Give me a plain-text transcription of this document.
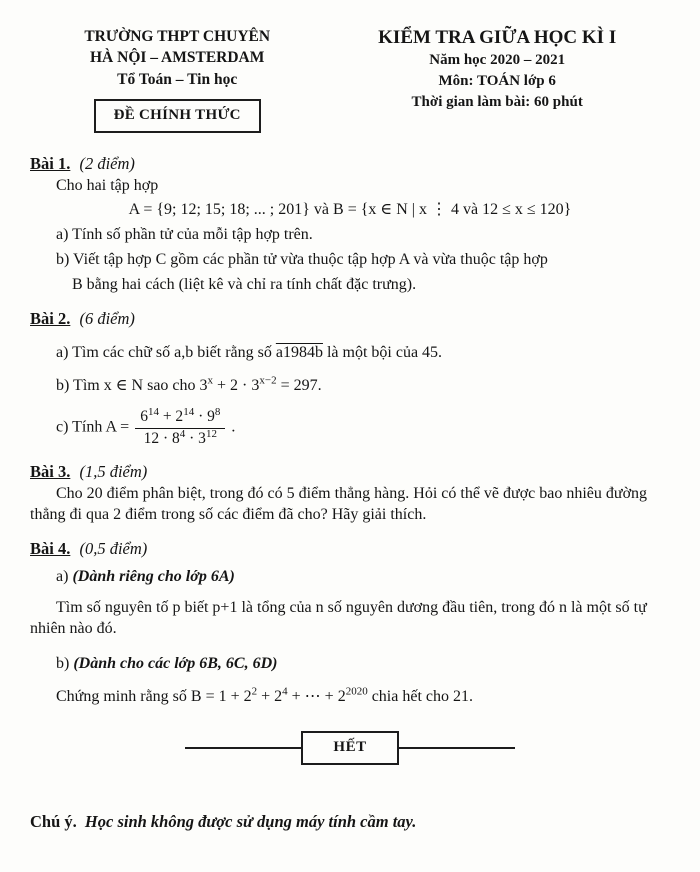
TRƯỜNG THPT CHUYÊN
HÀ NỘI – AMSTERDAM
Tổ Toán – Tin học
ĐỀ CHÍNH THỨC
KIỂM TRA GIỮA HỌC KÌ I
Năm học 2020 – 2021
Môn: TOÁN lớp 6
Thời gian làm bài: 60 phút
Bài 1. (2 điểm)
Cho hai tập hợp
A = {9; 12; 15; 18; ... ; 201} và B = {x ∈ N | x ⋮ 4 và 12 ≤ x ≤ 120}
a) Tính số phần tử của mỗi tập hợp trên.
b) Viết tập hợp C gồm các phần tử vừa thuộc tập hợp A và vừa thuộc tập hợp
B bằng hai cách (liệt kê và chỉ ra tính chất đặc trưng).
Bài 2. (6 điểm)
a) Tìm các chữ số a,b biết rằng số a1984b là một bội của 45.
b) Tìm x ∈ N sao cho $3^x + 2 \cdot 3^{x-2} = 297$.
c) Tính $A = \frac{6^{14} + 2^{14} \cdot 9^8}{12 \cdot 8^4 \cdot 3^{12}}$ .
Bài 3. (1,5 điểm)
Cho 20 điểm phân biệt, trong đó có 5 điểm thẳng hàng. Hỏi có thể vẽ được bao nhiêu đường thẳng đi qua 2 điểm trong số các điểm đã cho? Hãy giải thích.
Bài 4. (0,5 điểm)
a) (Dành riêng cho lớp 6A)
Tìm số nguyên tố p biết p+1 là tổng của n số nguyên dương đầu tiên, trong đó n là một số tự nhiên nào đó.
b) (Dành cho các lớp 6B, 6C, 6D)
Chứng minh rằng số $B = 1 + 2^2 + 2^4$ + ⋯ + $2^{2020}$ chia hết cho 21.
HẾT
Chú ý. Học sinh không được sử dụng máy tính cầm tay.
